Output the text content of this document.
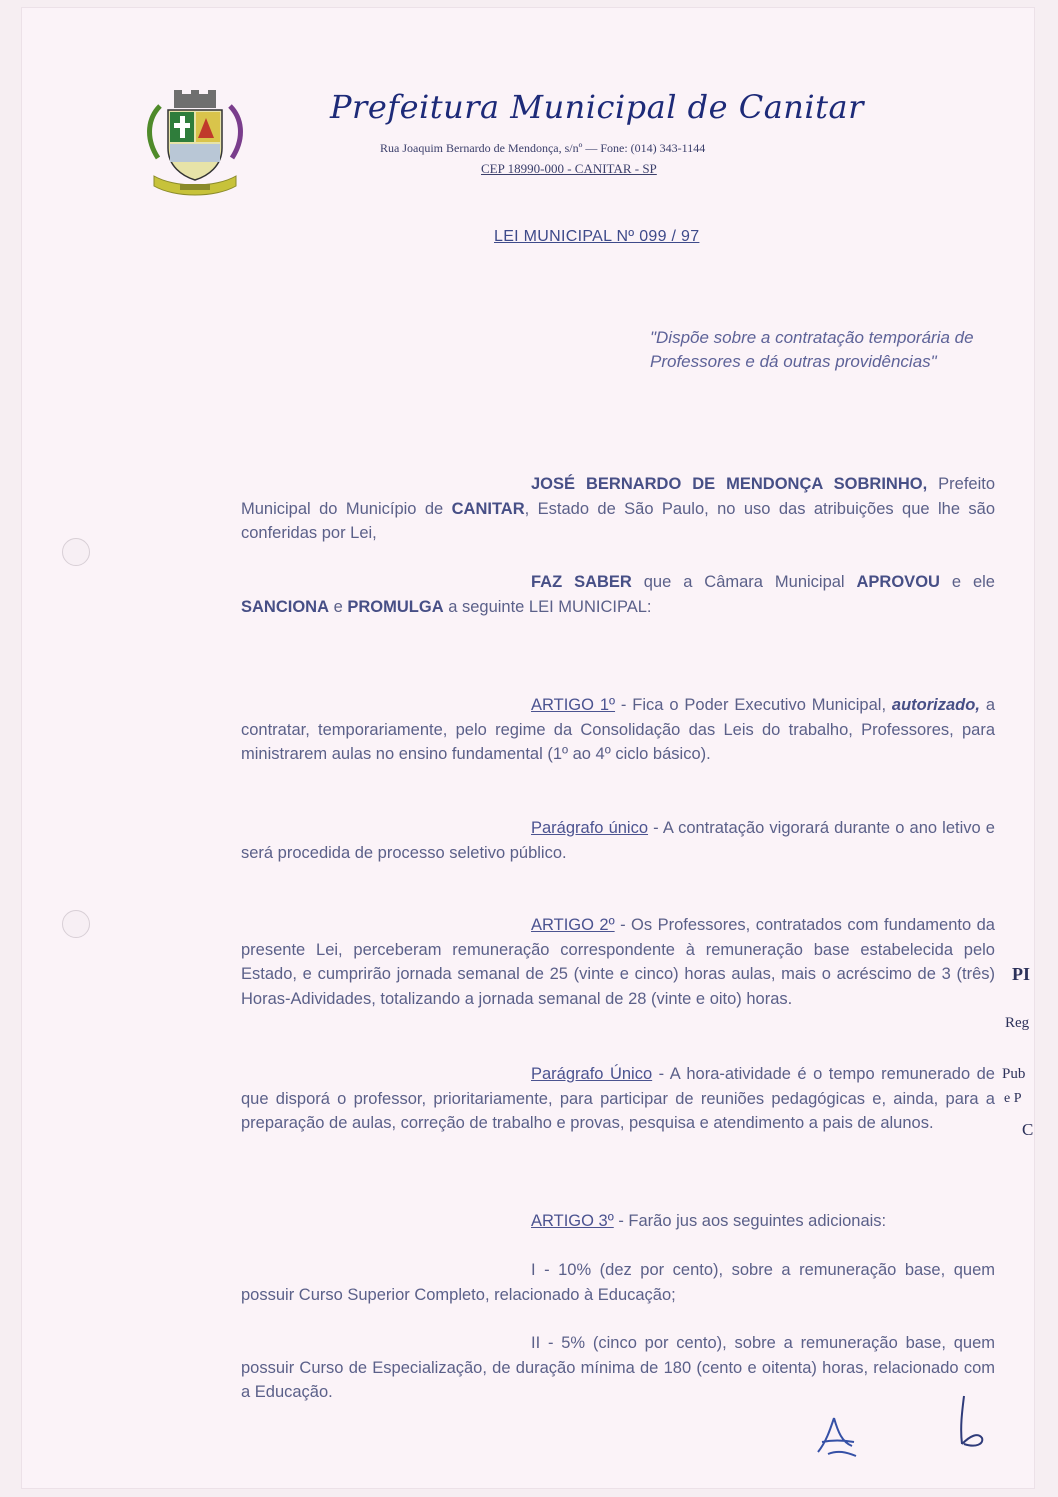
Prefeitura Municipal de Canitar
Rua Joaquim Bernardo de Mendonça, s/nº — Fone: (014) 343-1144
CEP 18990-000 - CANITAR - SP
LEI MUNICIPAL Nº 099 / 97
"Dispõe sobre a contratação temporária de Professores e dá outras providências"

JOSÉ BERNARDO DE MENDONÇA SOBRINHO, Prefeito Municipal do Município de CANITAR, Estado de São Paulo, no uso das atribuições que lhe são conferidas por Lei,

FAZ SABER que a Câmara Municipal APROVOU e ele SANCIONA e PROMULGA a seguinte LEI MUNICIPAL:

ARTIGO 1º - Fica o Poder Executivo Municipal, autorizado, a contratar, temporariamente, pelo regime da Consolidação das Leis do trabalho, Professores, para ministrarem aulas no ensino fundamental (1º ao 4º ciclo básico).

Parágrafo único - A contratação vigorará durante o ano letivo e será procedida de processo seletivo público.

ARTIGO 2º - Os Professores, contratados com fundamento da presente Lei, perceberam remuneração correspondente à remuneração base estabelecida pelo Estado, e cumprirão jornada semanal de 25 (vinte e cinco) horas aulas, mais o acréscimo de 3 (três) Horas-Adividades, totalizando a jornada semanal de 28 (vinte e oito) horas.

Parágrafo Único - A hora-atividade é o tempo remunerado de que disporá o professor, prioritariamente, para participar de reuniões pedagógicas e, ainda, para a preparação de aulas, correção de trabalho e provas, pesquisa e atendimento a pais de alunos.

ARTIGO 3º - Farão jus aos seguintes adicionais:

I - 10% (dez por cento), sobre a remuneração base, quem possuir Curso Superior Completo, relacionado à Educação;

II - 5% (cinco por cento), sobre a remuneração base, quem possuir Curso de Especialização, de duração mínima de 180 (cento e oitenta) horas, relacionado com a Educação.

PI
Reg
Pub
e P
C
